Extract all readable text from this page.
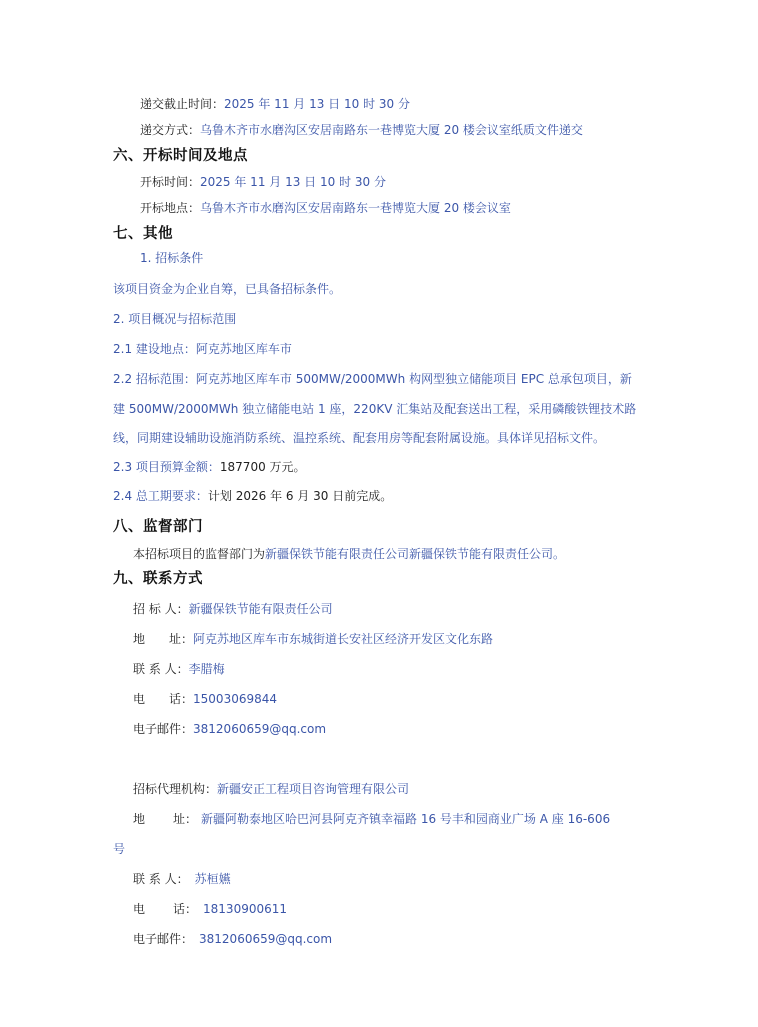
递交截止时间：2025 年 11 月 13 日 10 时 30 分
递交方式：乌鲁木齐市水磨沟区安居南路东一巷博览大厦 20 楼会议室纸质文件递交
六、开标时间及地点
开标时间：2025 年 11 月 13 日 10 时 30 分
开标地点：乌鲁木齐市水磨沟区安居南路东一巷博览大厦 20 楼会议室
七、其他
1. 招标条件
该项目资金为企业自筹，已具备招标条件。
2. 项目概况与招标范围
2.1 建设地点：阿克苏地区库车市
2.2 招标范围：阿克苏地区库车市 500MW/2000MWh 构网型独立储能项目 EPC 总承包项目，新
建 500MW/2000MWh 独立储能电站 1 座，220KV 汇集站及配套送出工程，采用磷酸铁锂技术路
线，同期建设辅助设施消防系统、温控系统、配套用房等配套附属设施。具体详见招标文件。
2.3 项目预算金额：187700 万元。
2.4 总工期要求：计划 2026 年 6 月 30 日前完成。
八、监督部门
本招标项目的监督部门为新疆保铁节能有限责任公司新疆保铁节能有限责任公司。
九、联系方式
招 标 人：新疆保铁节能有限责任公司
地 址：阿克苏地区库车市东城街道长安社区经济开发区文化东路
联 系 人：李腊梅
电 话：15003069844
电子邮件：3812060659@qq.com
招标代理机构：新疆安正工程项目咨询管理有限公司
地 址： 新疆阿勒泰地区哈巴河县阿克齐镇幸福路 16 号丰和园商业广场 A 座 16-606
号
联 系 人： 苏桓嬿
电 话： 18130900611
电子邮件： 3812060659@qq.com
